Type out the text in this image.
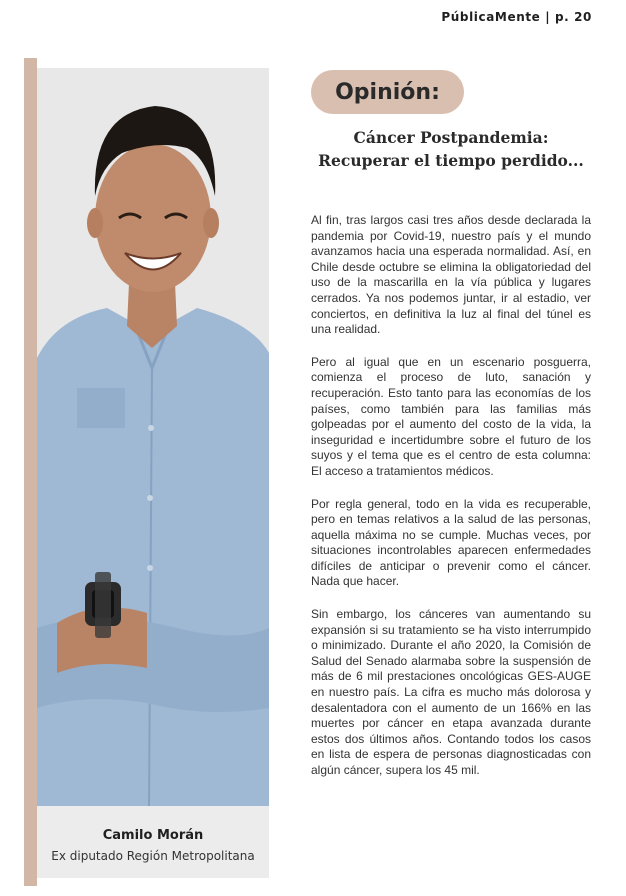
PúblicaMente | p. 20
Camilo Morán
Ex diputado Región Metropolitana
Opinión:
Cáncer Postpandemia: Recuperar el tiempo perdido...

Al fin, tras largos casi tres años desde declarada la pandemia por Covid-19, nuestro país y el mundo avanzamos hacia una esperada normalidad. Así, en Chile desde octubre se elimina la obligatoriedad del uso de la mascarilla en la vía pública y lugares cerrados. Ya nos podemos juntar, ir al estadio, ver conciertos, en definitiva la luz al final del túnel es una realidad.

Pero al igual que en un escenario posguerra, comienza el proceso de luto, sanación y recuperación. Esto tanto para las economías de los países, como también para las familias más golpeadas por el aumento del costo de la vida, la inseguridad e incertidumbre sobre el futuro de los suyos y el tema que es el centro de esta columna: El acceso a tratamientos médicos.

Por regla general, todo en la vida es recuperable, pero en temas relativos a la salud de las personas, aquella máxima no se cumple. Muchas veces, por situaciones incontrolables aparecen enfermedades difíciles de anticipar o prevenir como el cáncer. Nada que hacer.

Sin embargo, los cánceres van aumentando su expansión si su tratamiento se ha visto interrumpido o minimizado. Durante el año 2020, la Comisión de Salud del Senado alarmaba sobre la suspensión de más de 6 mil prestaciones oncológicas GES-AUGE en nuestro país. La cifra es mucho más dolorosa y desalentadora con el aumento de un 166% en las muertes por cáncer en etapa avanzada durante estos dos últimos años. Contando todos los casos en lista de espera de personas diagnosticadas con algún cáncer, supera los 45 mil.
